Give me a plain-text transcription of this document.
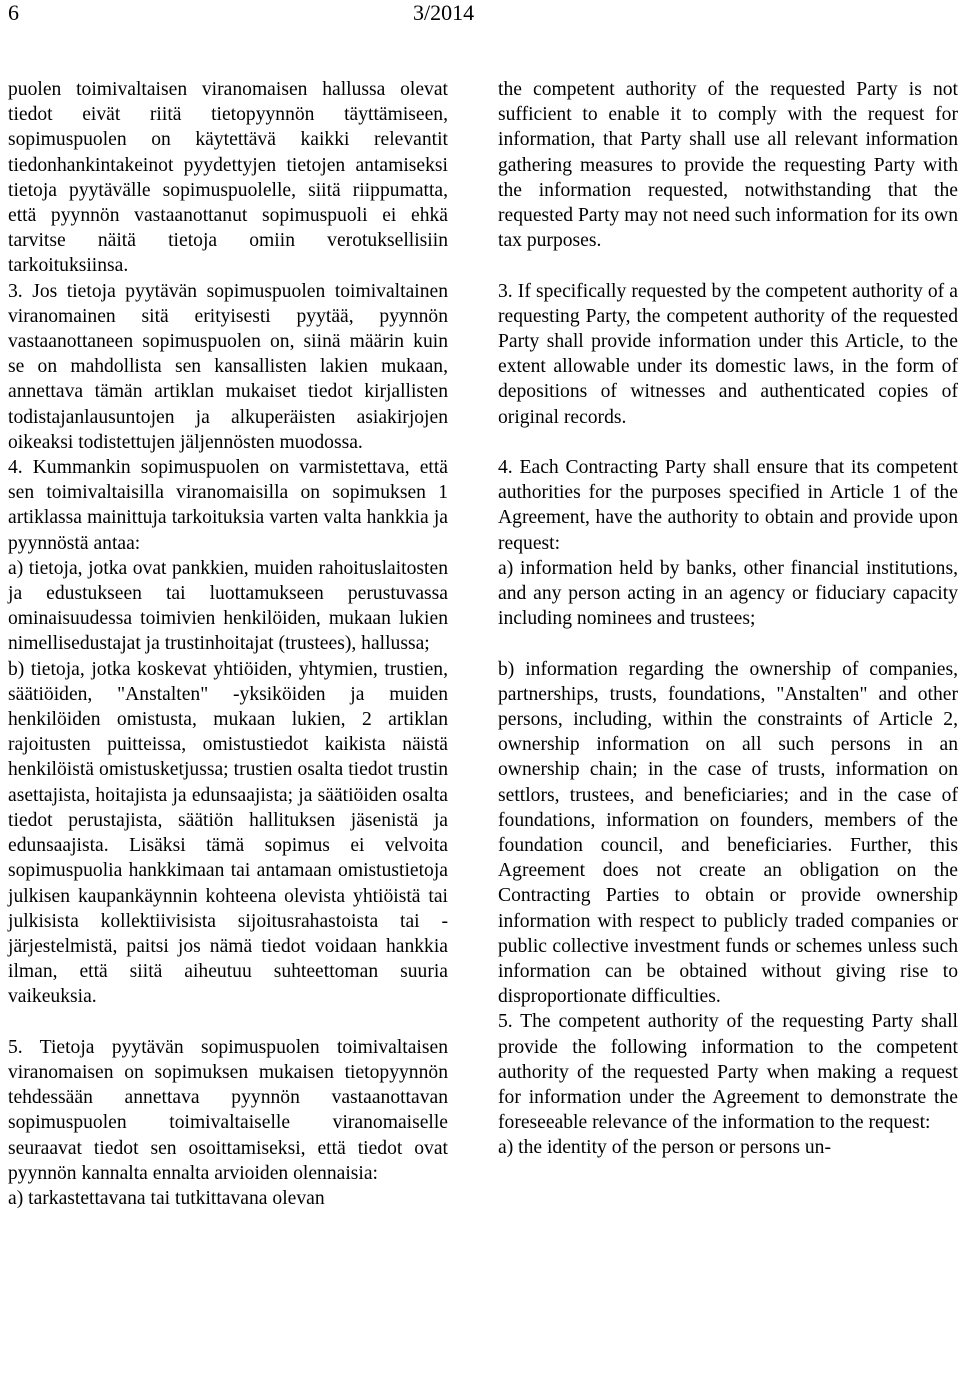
6	3/2014

puolen toimivaltaisen viranomaisen hallussa olevat tiedot eivät riitä tietopyynnön täyttämiseen, sopimuspuolen on käytettävä kaikki relevantit tiedonhankintakeinot pyydettyjen tietojen antamiseksi tietoja pyytävälle sopimuspuolelle, siitä riippumatta, että pyynnön vastaanottanut sopimuspuoli ei ehkä tarvitse näitä tietoja omiin verotuksellisiin tarkoituksiinsa.

3. Jos tietoja pyytävän sopimuspuolen toimivaltainen viranomainen sitä erityisesti pyytää, pyynnön vastaanottaneen sopimuspuolen on, siinä määrin kuin se on mahdollista sen kansallisten lakien mukaan, annettava tämän artiklan mukaiset tiedot kirjallisten todistajanlausuntojen ja alkuperäisten asiakirjojen oikeaksi todistettujen jäljennösten muodossa.

4. Kummankin sopimuspuolen on varmistettava, että sen toimivaltaisilla viranomaisilla on sopimuksen 1 artiklassa mainittuja tarkoituksia varten valta hankkia ja pyynnöstä antaa:

a) tietoja, jotka ovat pankkien, muiden rahoituslaitosten ja edustukseen tai luottamukseen perustuvassa ominaisuudessa toimivien henkilöiden, mukaan lukien nimellisedustajat ja trustinhoitajat (trustees), hallussa;

b) tietoja, jotka koskevat yhtiöiden, yhtymien, trustien, säätiöiden, "Anstalten" -yksiköiden ja muiden henkilöiden omistusta, mukaan lukien, 2 artiklan rajoitusten puitteissa, omistustiedot kaikista näistä henkilöistä omistusketjussa; trustien osalta tiedot trustin asettajista, hoitajista ja edunsaajista; ja säätiöiden osalta tiedot perustajista, säätiön hallituksen jäsenistä ja edunsaajista. Lisäksi tämä sopimus ei velvoita sopimuspuolia hankkimaan tai antamaan omistustietoja julkisen kaupankäynnin kohteena olevista yhtiöistä tai julkisista kollektiivisista sijoitusrahastoista tai -järjestelmistä, paitsi jos nämä tiedot voidaan hankkia ilman, että siitä aiheutuu suhteettoman suuria vaikeuksia.

5. Tietoja pyytävän sopimuspuolen toimivaltaisen viranomaisen on sopimuksen mukaisen tietopyynnön tehdessään annettava pyynnön vastaanottavan sopimuspuolen toimivaltaiselle viranomaiselle seuraavat tiedot sen osoittamiseksi, että tiedot ovat pyynnön kannalta ennalta arvioiden olennaisia:

a) tarkastettavana tai tutkittavana olevan

the competent authority of the requested Party is not sufficient to enable it to comply with the request for information, that Party shall use all relevant information gathering measures to provide the requesting Party with the information requested, notwithstanding that the requested Party may not need such information for its own tax purposes.

3. If specifically requested by the competent authority of a requesting Party, the competent authority of the requested Party shall provide information under this Article, to the extent allowable under its domestic laws, in the form of depositions of witnesses and authenticated copies of original records.

4. Each Contracting Party shall ensure that its competent authorities for the purposes specified in Article 1 of the Agreement, have the authority to obtain and provide upon request:

a) information held by banks, other financial institutions, and any person acting in an agency or fiduciary capacity including nominees and trustees;

b) information regarding the ownership of companies, partnerships, trusts, foundations, "Anstalten" and other persons, including, within the constraints of Article 2, ownership information on all such persons in an ownership chain; in the case of trusts, information on settlors, trustees, and beneficiaries; and in the case of foundations, information on founders, members of the foundation council, and beneficiaries. Further, this Agreement does not create an obligation on the Contracting Parties to obtain or provide ownership information with respect to publicly traded companies or public collective investment funds or schemes unless such information can be obtained without giving rise to disproportionate difficulties.

5. The competent authority of the requesting Party shall provide the following information to the competent authority of the requested Party when making a request for information under the Agreement to demonstrate the foreseeable relevance of the information to the request:

a) the identity of the person or persons un-
